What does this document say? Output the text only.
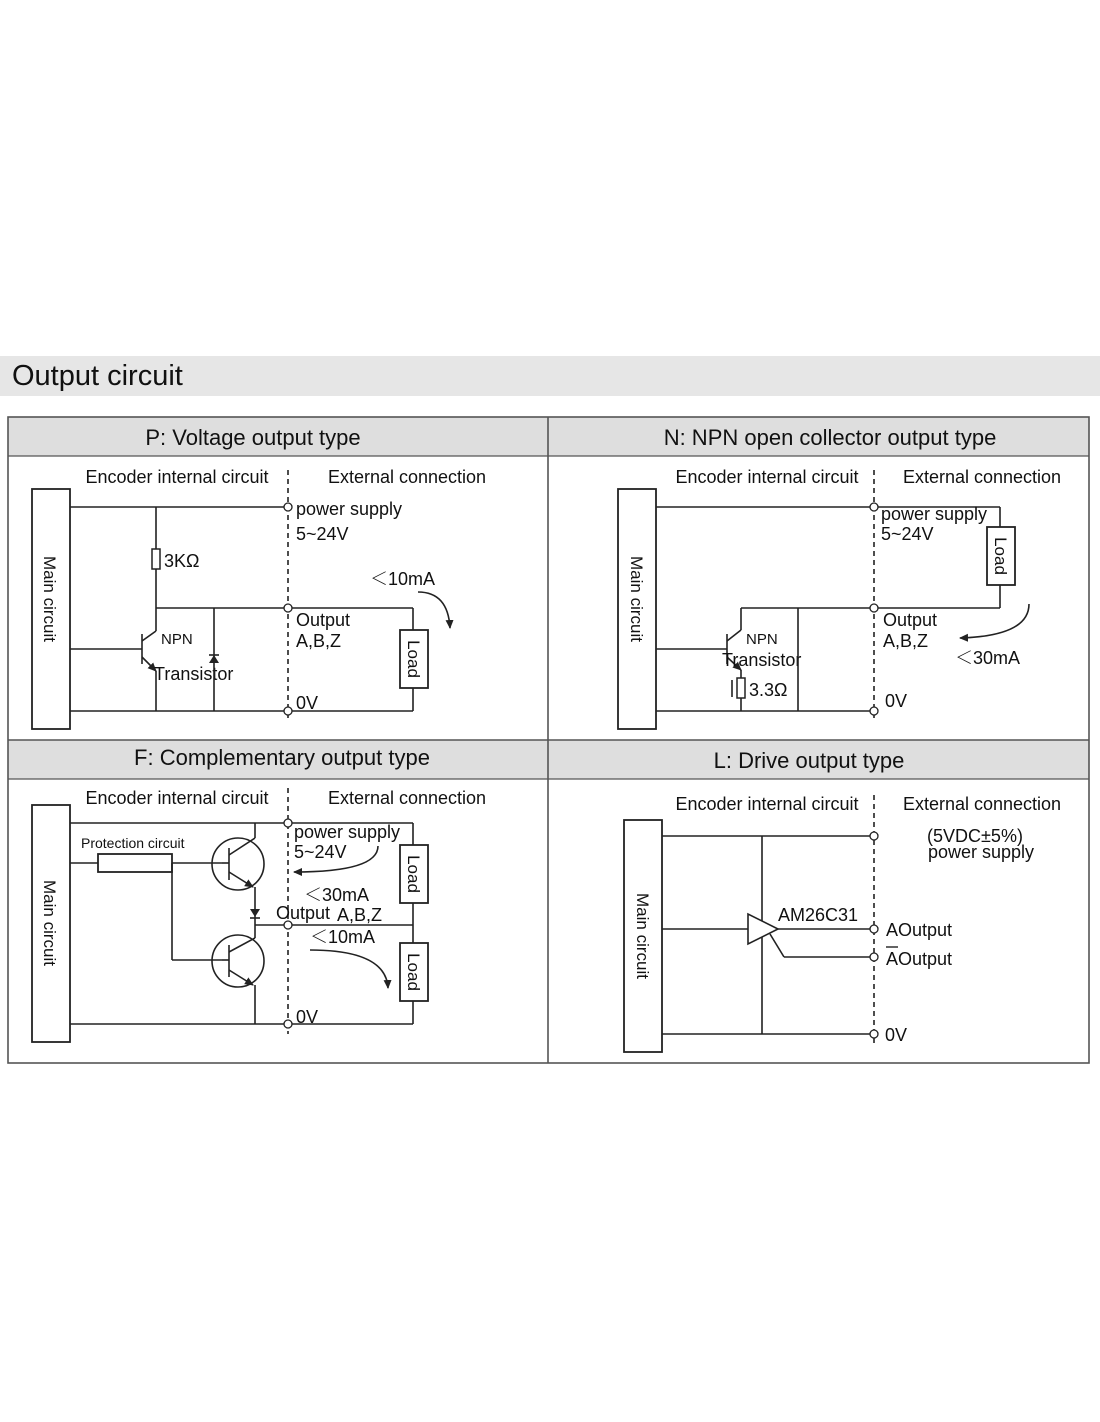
Output circuit
P: Voltage output type	N: NPN open collector output type
F: Complementary output type	L: Drive output type
Encoder internal circuit	External connection
Main circuit	3KΩ
NPN
Transistor
power supply
5~24V
Output
A,B,Z
0V
Load
＜10mA
Encoder internal circuit External connection
Main circuit
Load
NPN
Transistor
3.3Ω
power supply
5~24V
Output
A,B,Z
0V
＜30mA
Encoder internal circuit	External connection
Main circuit
Protection circuit
power supply
5~24V
Output A,B,Z
0V
Load
Load
＜30mA
＜10mA
Encoder internal circuit External connection
Main circuit	AM26C31
(5VDC±5%)
power supply
A Output
A Output
0V
